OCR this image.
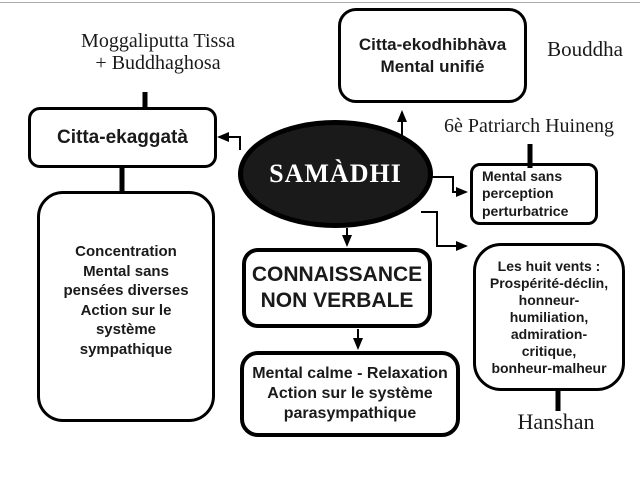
Moggaliputta Tissa
+ Buddhaghosa
Bouddha
6è Patriarch Huineng
Hanshan
SAMÀDHI
Citta-ekaggatà
Citta-ekodhibhàva
Mental unifié
Concentration
Mental sans
pensées diverses
Action sur le
système
sympathique
Mental sans
perception
perturbatrice
CONNAISSANCE
NON VERBALE
Mental calme - Relaxation
Action sur le système
parasympathique
Les huit vents :
Prospérité-déclin,
honneur-
humiliation,
admiration-
critique,
bonheur-malheur
